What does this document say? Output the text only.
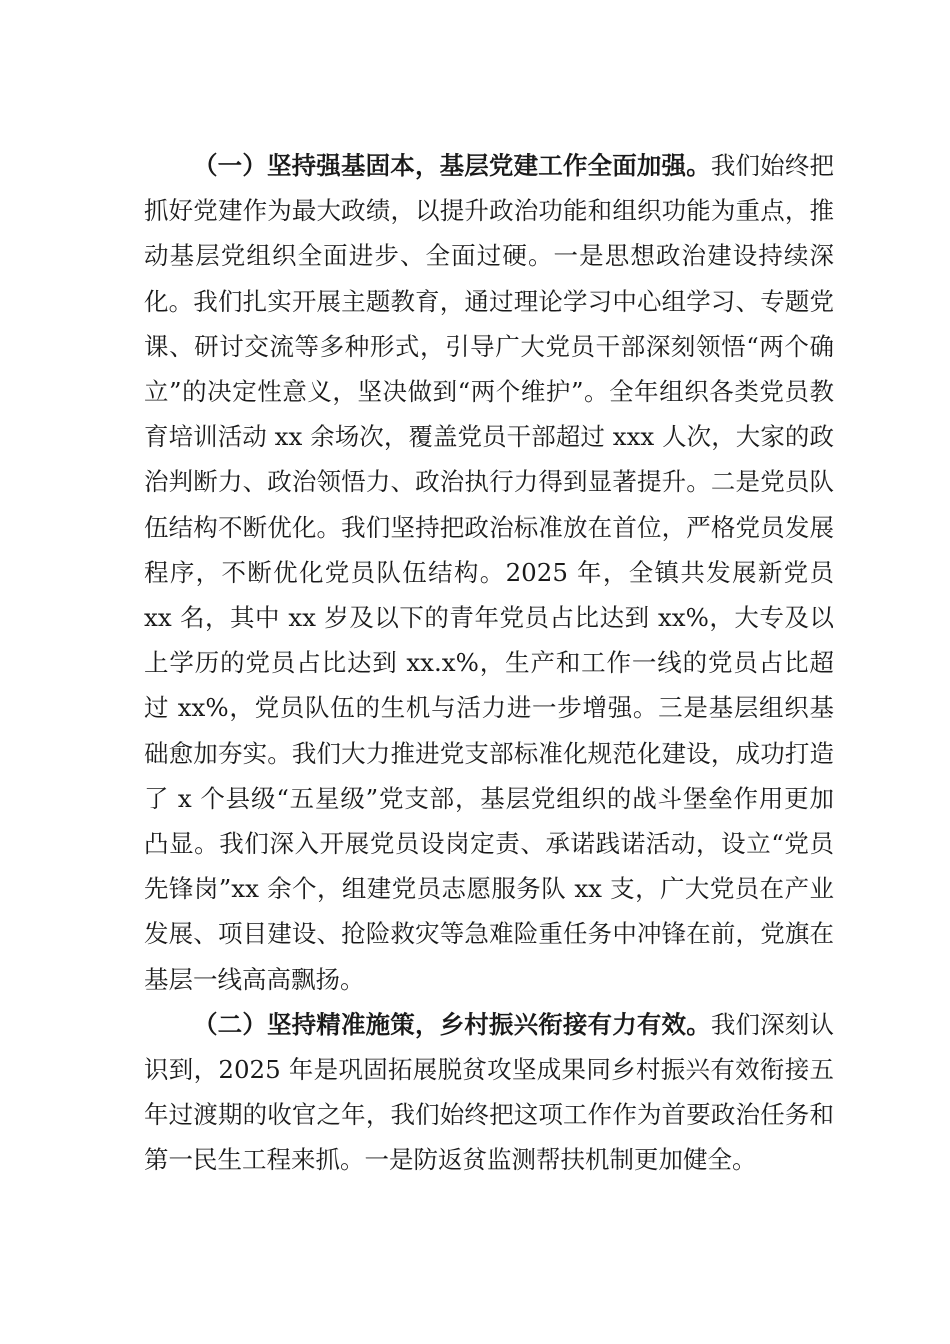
（一）坚持强基固本，基层党建工作全面加强。我们始终把抓好党建作为最大政绩，以提升政治功能和组织功能为重点，推动基层党组织全面进步、全面过硬。一是思想政治建设持续深化。我们扎实开展主题教育，通过理论学习中心组学习、专题党课、研讨交流等多种形式，引导广大党员干部深刻领悟“两个确立”的决定性意义，坚决做到“两个维护”。全年组织各类党员教育培训活动 xx 余场次，覆盖党员干部超过 xxx 人次，大家的政治判断力、政治领悟力、政治执行力得到显著提升。二是党员队伍结构不断优化。我们坚持把政治标准放在首位，严格党员发展程序，不断优化党员队伍结构。2025 年，全镇共发展新党员 xx 名，其中 xx 岁及以下的青年党员占比达到 xx%，大专及以上学历的党员占比达到 xx.x%，生产和工作一线的党员占比超过 xx%，党员队伍的生机与活力进一步增强。三是基层组织基础愈加夯实。我们大力推进党支部标准化规范化建设，成功打造了 x 个县级“五星级”党支部，基层党组织的战斗堡垒作用更加凸显。我们深入开展党员设岗定责、承诺践诺活动，设立“党员先锋岗”xx 余个，组建党员志愿服务队 xx 支，广大党员在产业发展、项目建设、抢险救灾等急难险重任务中冲锋在前，党旗在基层一线高高飘扬。

（二）坚持精准施策，乡村振兴衔接有力有效。我们深刻认识到，2025 年是巩固拓展脱贫攻坚成果同乡村振兴有效衔接五年过渡期的收官之年，我们始终把这项工作作为首要政治任务和第一民生工程来抓。一是防返贫监测帮扶机制更加健全。
